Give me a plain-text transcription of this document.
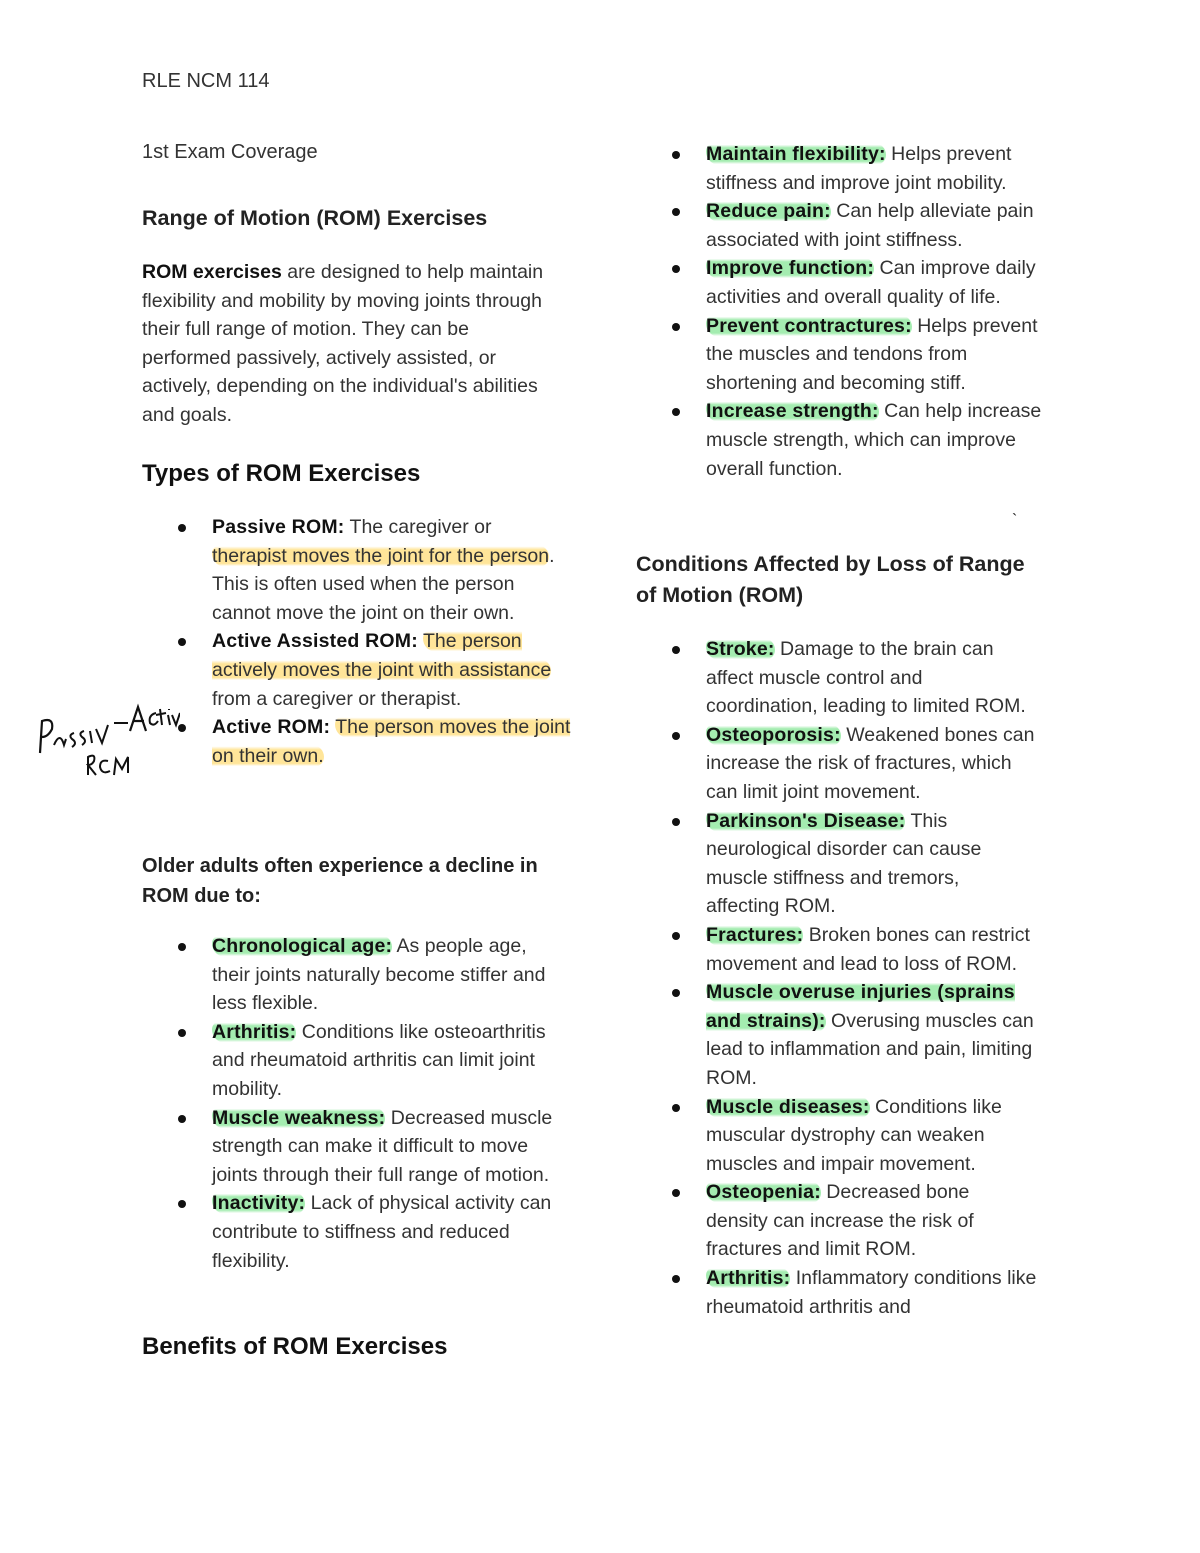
RLE NCM 114
1st Exam Coverage
Range of Motion (ROM) Exercises

ROM exercises are designed to help maintain flexibility and mobility by moving joints through their full range of motion. They can be performed passively, actively assisted, or actively, depending on the individual's abilities and goals.

Types of ROM Exercises
Passive ROM: The caregiver or therapist moves the joint for the person. This is often used when the person cannot move the joint on their own.
Active Assisted ROM: The person actively moves the joint with assistance from a caregiver or therapist.
Active ROM: The person moves the joint on their own.
Older adults often experience a decline in ROM due to:
Chronological age: As people age, their joints naturally become stiffer and less flexible.
Arthritis: Conditions like osteoarthritis and rheumatoid arthritis can limit joint mobility.
Muscle weakness: Decreased muscle strength can make it difficult to move joints through their full range of motion.
Inactivity: Lack of physical activity can contribute to stiffness and reduced flexibility.
Benefits of ROM Exercises
Passive -Active ROM
Maintain flexibility: Helps prevent stiffness and improve joint mobility.
Reduce pain: Can help alleviate pain associated with joint stiffness.
Improve function: Can improve daily activities and overall quality of life.
Prevent contractures: Helps prevent the muscles and tendons from shortening and becoming stiff.
Increase strength: Can help increase muscle strength, which can improve overall function.
Conditions Affected by Loss of Range of Motion (ROM)
Stroke: Damage to the brain can affect muscle control and coordination, leading to limited ROM.
Osteoporosis: Weakened bones can increase the risk of fractures, which can limit joint movement.
Parkinson's Disease: This neurological disorder can cause muscle stiffness and tremors, affecting ROM.
Fractures: Broken bones can restrict movement and lead to loss of ROM.
Muscle overuse injuries (sprains and strains): Overusing muscles can lead to inflammation and pain, limiting ROM.
Muscle diseases: Conditions like muscular dystrophy can weaken muscles and impair movement.
Osteopenia: Decreased bone density can increase the risk of fractures and limit ROM.
Arthritis: Inflammatory conditions like rheumatoid arthritis and
`
